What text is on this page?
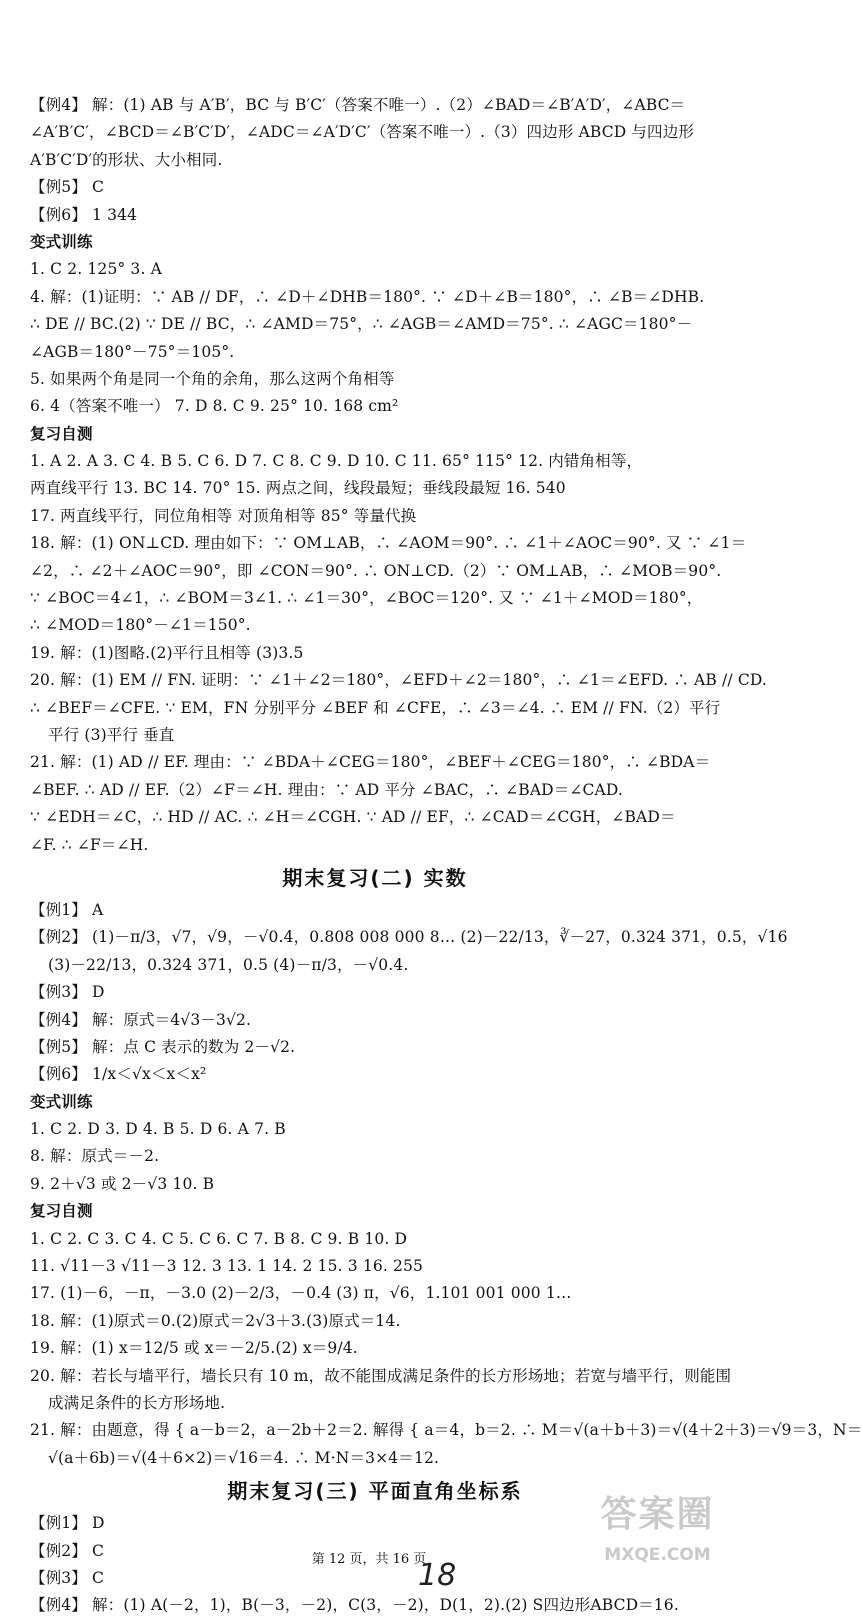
【例4】 解：(1) AB 与 A′B′，BC 与 B′C′（答案不唯一）.（2）∠BAD＝∠B′A′D′，∠ABC＝
∠A′B′C′，∠BCD＝∠B′C′D′，∠ADC＝∠A′D′C′（答案不唯一）.（3）四边形 ABCD 与四边形
A′B′C′D′的形状、大小相同.
【例5】 C
【例6】 1 344
变式训练
1. C 2. 125° 3. A
4. 解：(1)证明：∵ AB // DF，∴ ∠D＋∠DHB＝180°. ∵ ∠D＋∠B＝180°，∴ ∠B＝∠DHB.
∴ DE // BC.(2) ∵ DE // BC，∴ ∠AMD＝75°，∴ ∠AGB＝∠AMD＝75°. ∴ ∠AGC＝180°－
∠AGB＝180°－75°＝105°.
5. 如果两个角是同一个角的余角，那么这两个角相等
6. 4（答案不唯一） 7. D 8. C 9. 25° 10. 168 cm²
复习自测
1. A 2. A 3. C 4. B 5. C 6. D 7. C 8. C 9. D 10. C 11. 65° 115° 12. 内错角相等，
两直线平行 13. BC 14. 70° 15. 两点之间，线段最短；垂线段最短 16. 540
17. 两直线平行，同位角相等 对顶角相等 85° 等量代换
18. 解：(1) ON⊥CD. 理由如下：∵ OM⊥AB，∴ ∠AOM＝90°. ∴ ∠1＋∠AOC＝90°. 又 ∵ ∠1＝
∠2，∴ ∠2＋∠AOC＝90°，即 ∠CON＝90°. ∴ ON⊥CD.（2）∵ OM⊥AB，∴ ∠MOB＝90°.
∵ ∠BOC＝4∠1，∴ ∠BOM＝3∠1. ∴ ∠1＝30°，∠BOC＝120°. 又 ∵ ∠1＋∠MOD＝180°，
∴ ∠MOD＝180°－∠1＝150°.
19. 解：(1)图略.(2)平行且相等 (3)3.5
20. 解：(1) EM // FN. 证明：∵ ∠1＋∠2＝180°，∠EFD＋∠2＝180°，∴ ∠1＝∠EFD. ∴ AB // CD.
∴ ∠BEF＝∠CFE. ∵ EM，FN 分别平分 ∠BEF 和 ∠CFE，∴ ∠3＝∠4. ∴ EM // FN.（2）平行
平行 (3)平行 垂直
21. 解：(1) AD // EF. 理由：∵ ∠BDA＋∠CEG＝180°，∠BEF＋∠CEG＝180°，∴ ∠BDA＝
∠BEF. ∴ AD // EF.（2）∠F＝∠H. 理由：∵ AD 平分 ∠BAC，∴ ∠BAD＝∠CAD.
∵ ∠EDH＝∠C，∴ HD // AC. ∴ ∠H＝∠CGH. ∵ AD // EF，∴ ∠CAD＝∠CGH，∠BAD＝
∠F. ∴ ∠F＝∠H.
期末复习(二) 实数
【例1】 A
【例2】 (1)－π/3，√7，√9，－√0.4，0.808 008 000 8… (2)－22/13，∛－27，0.324 371，0.5，√16
(3)－22/13，0.324 371，0.5 (4)－π/3，－√0.4.
【例3】 D
【例4】 解：原式＝4√3－3√2.
【例5】 解：点 C 表示的数为 2－√2.
【例6】 1/x＜√x＜x＜x²
变式训练
1. C 2. D 3. D 4. B 5. D 6. A 7. B
8. 解：原式＝－2.
9. 2＋√3 或 2－√3 10. B
复习自测
1. C 2. C 3. C 4. C 5. C 6. C 7. B 8. C 9. B 10. D
11. √11－3 √11－3 12. 3 13. 1 14. 2 15. 3 16. 255
17. (1)－6，－π，－3.0 (2)－2/3，－0.4 (3) π，√6，1.101 001 000 1…
18. 解：(1)原式＝0.(2)原式＝2√3＋3.(3)原式＝14.
19. 解：(1) x＝12/5 或 x＝－2/5.(2) x＝9/4.
20. 解：若长与墙平行，墙长只有 10 m，故不能围成满足条件的长方形场地；若宽与墙平行，则能围
成满足条件的长方形场地.
21. 解：由题意，得 { a－b＝2，a－2b＋2＝2. 解得 { a＝4，b＝2. ∴ M＝√(a＋b＋3)＝√(4＋2＋3)＝√9＝3，N＝
√(a＋6b)＝√(4＋6×2)＝√16＝4. ∴ M·N＝3×4＝12.
期末复习(三) 平面直角坐标系
【例1】 D
【例2】 C
【例3】 C
【例4】 解：(1) A(－2，1)，B(－3，－2)，C(3，－2)，D(1，2).(2) S四边形ABCD＝16.
第 12 页，共 16 页
18
答案圈
MXQE.COM
